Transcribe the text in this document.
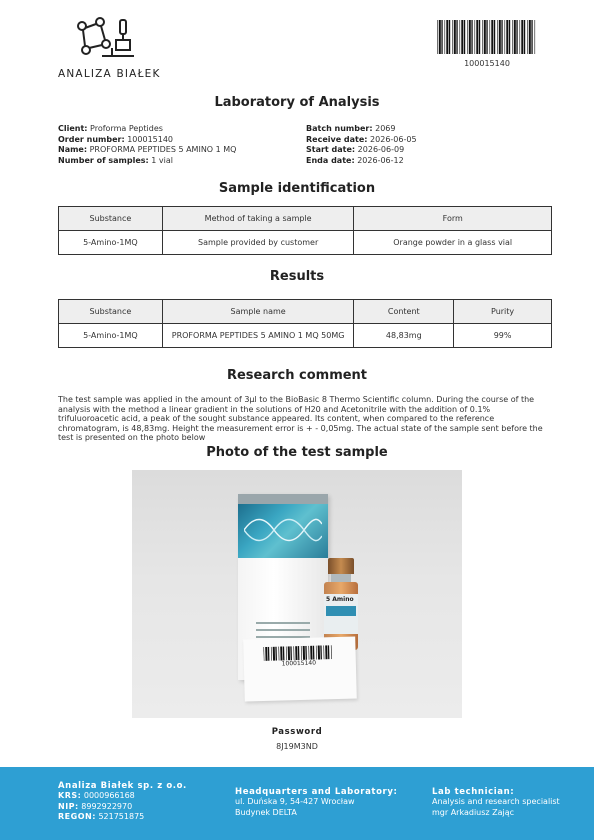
ANALIZA BIAŁEK
100015140
Laboratory of Analysis
Client: Proforma Peptides
Order number: 100015140
Name: PROFORMA PEPTIDES 5 AMINO 1 MQ
Number of samples: 1 vial
Batch number: 2069
Receive date: 2026-06-05
Start date: 2026-06-09
Enda date: 2026-06-12
Sample identification
Substance	Method of taking a sample	Form
5-Amino-1MQ	Sample provided by customer	Orange powder in a glass vial
Results
Substance	Sample name	Content	Purity
5-Amino-1MQ	PROFORMA PEPTIDES 5 AMINO 1 MQ 50MG	48,83mg	99%
Research comment
The test sample was applied in the amount of 3μl to the BioBasic 8 Thermo Scientific column. During the course of the analysis with the method a linear gradient in the solutions of H20 and Acetonitrile with the addition of 0.1% trifuluoroacetic acid, a peak of the sought substance appeared. Its content, when compared to the reference chromatogram, is 48,83mg. Height the measurement error is + - 0,05mg. The actual state of the sample sent before the test is presented on the photo below
Photo of the test sample
5 Amino
100015140
Password
8J19M3ND
Analiza Białek sp. z o.o.
KRS: 0000966168
NIP: 8992922970
REGON: 521751875
Headquarters and Laboratory:
ul. Duńska 9, 54-427 Wrocław
Budynek DELTA
Lab technician:
Analysis and research specialist
mgr Arkadiusz Zając
